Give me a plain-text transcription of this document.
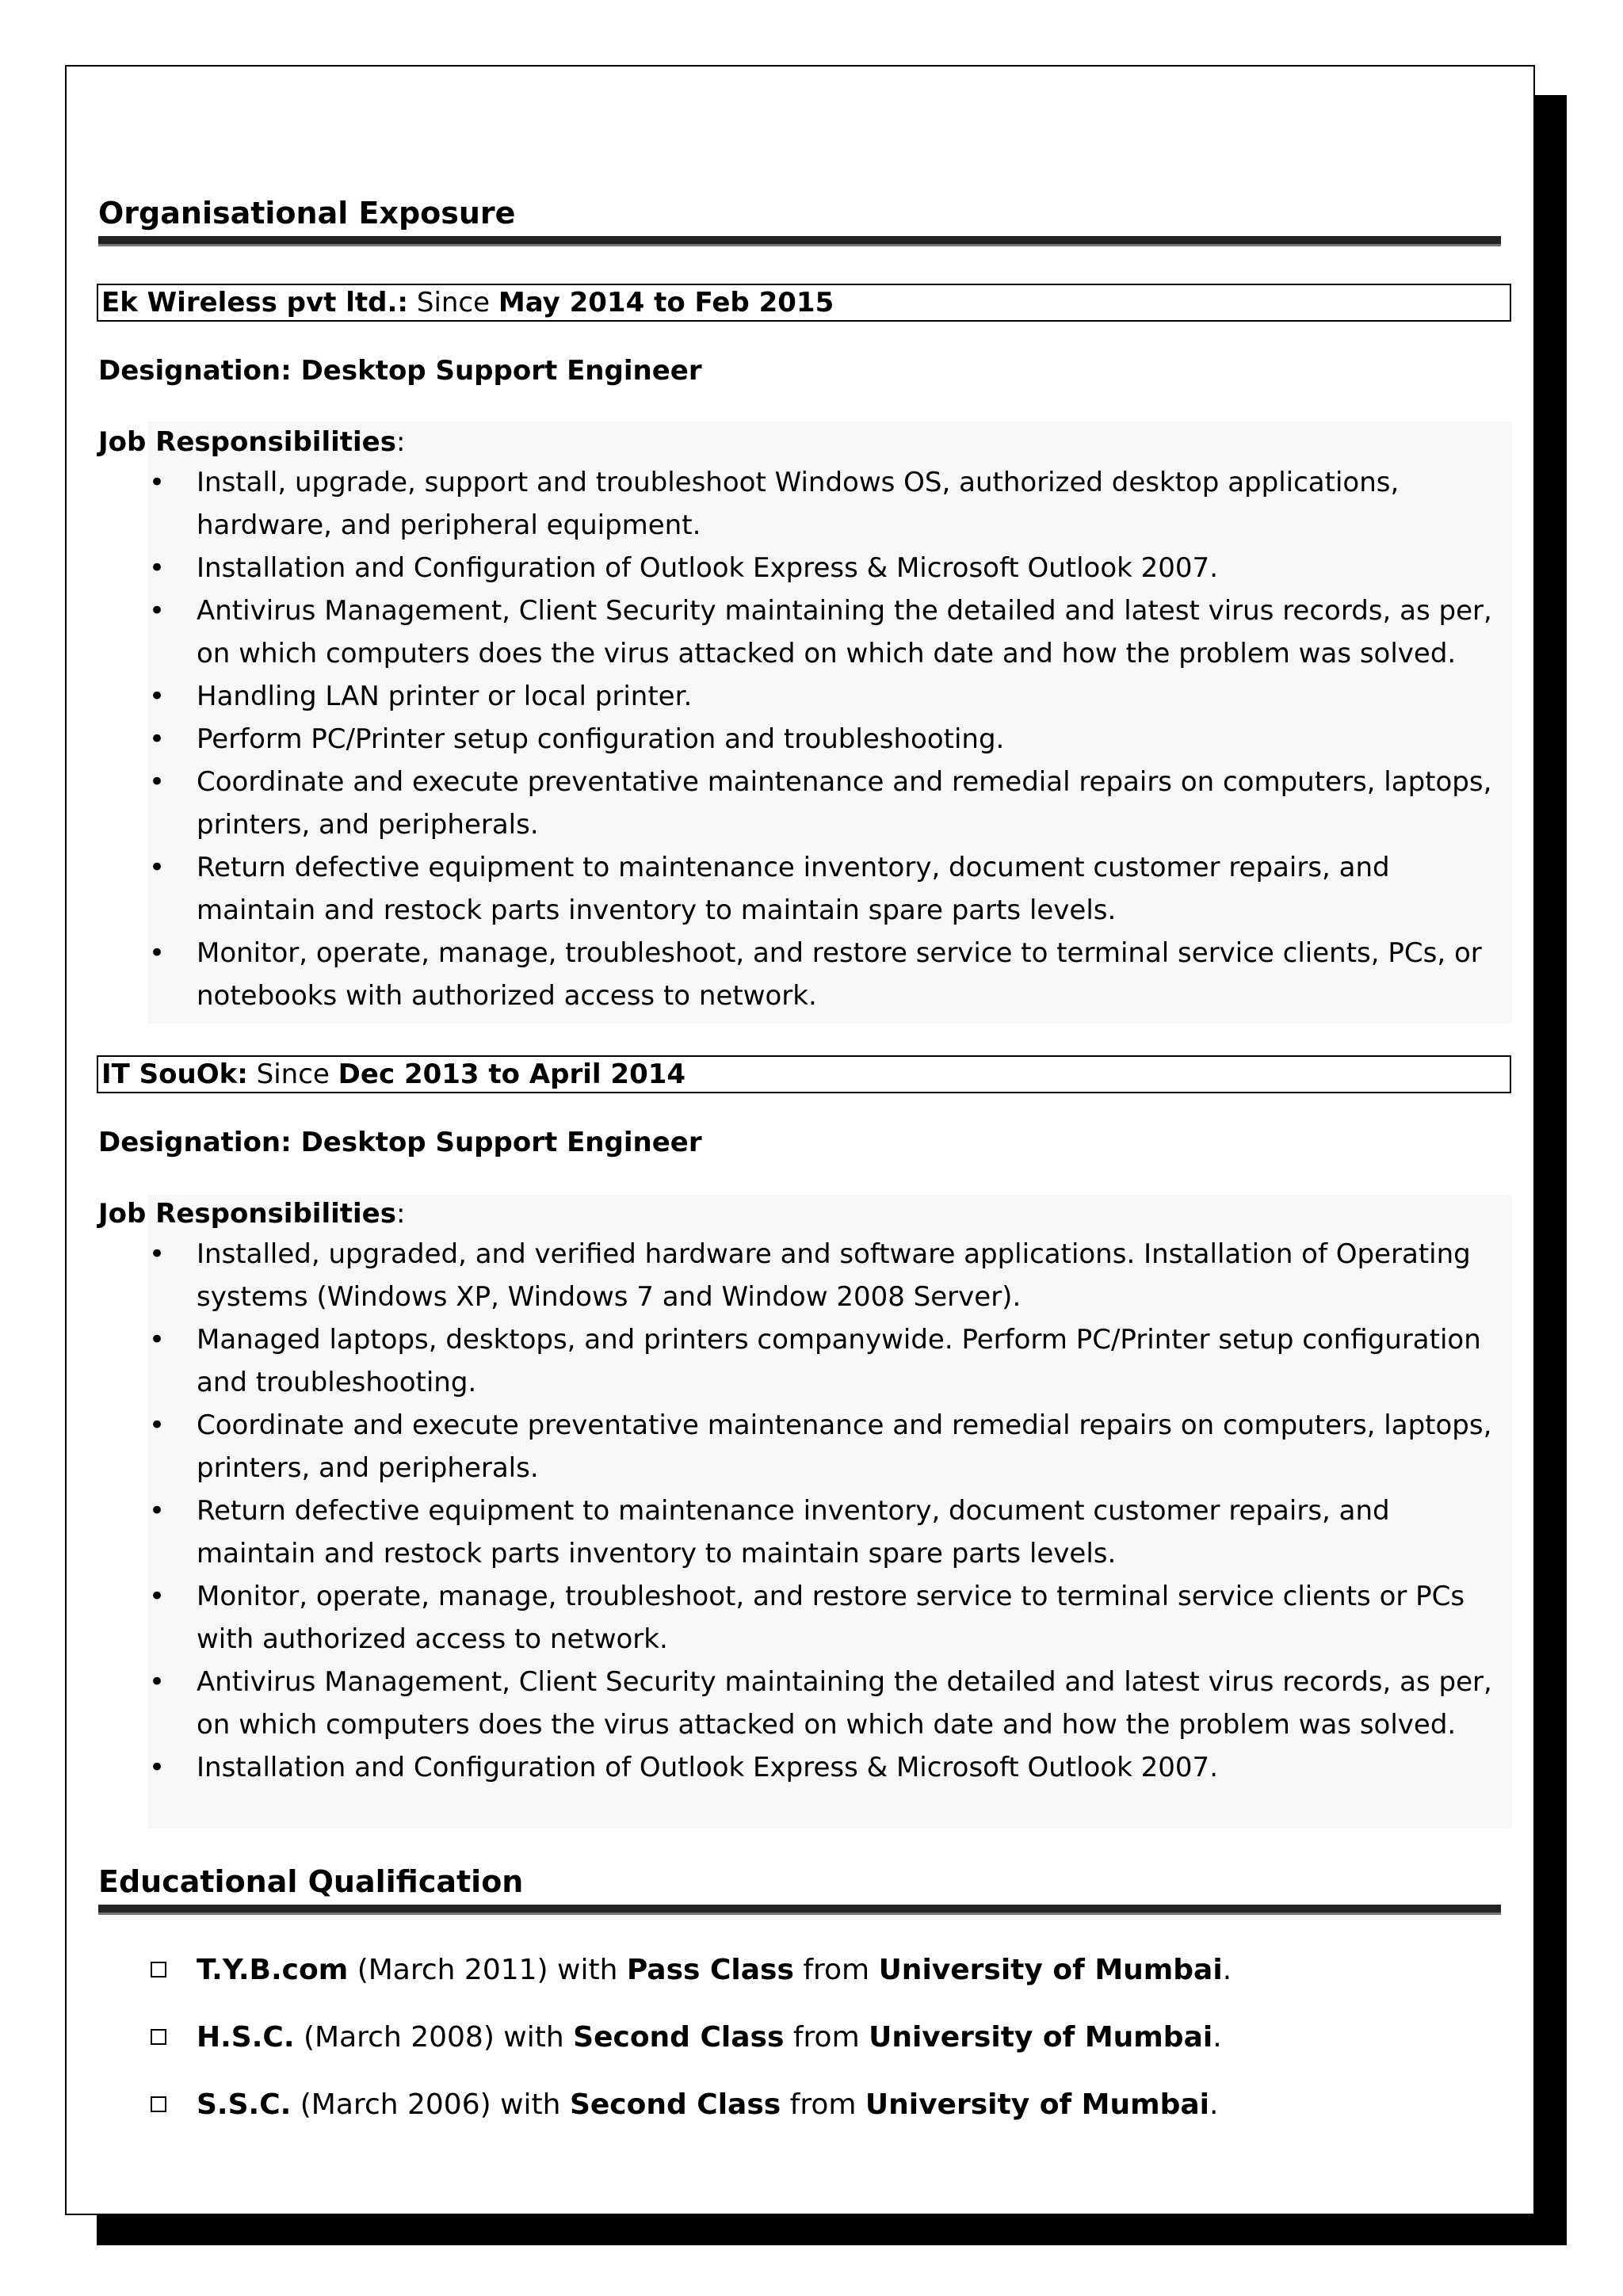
Organisational Exposure
Ek Wireless pvt ltd.: Since May 2014 to Feb 2015
Designation: Desktop Support Engineer
Job Responsibilities:
• Install, upgrade, support and troubleshoot Windows OS, authorized desktop applications, hardware, and peripheral equipment.
• Installation and Configuration of Outlook Express & Microsoft Outlook 2007.
• Antivirus Management, Client Security maintaining the detailed and latest virus records, as per, on which computers does the virus attacked on which date and how the problem was solved.
• Handling LAN printer or local printer.
• Perform PC/Printer setup configuration and troubleshooting.
• Coordinate and execute preventative maintenance and remedial repairs on computers, laptops, printers, and peripherals.
• Return defective equipment to maintenance inventory, document customer repairs, and maintain and restock parts inventory to maintain spare parts levels.
• Monitor, operate, manage, troubleshoot, and restore service to terminal service clients, PCs, or notebooks with authorized access to network.
IT SouOk: Since Dec 2013 to April 2014
Designation: Desktop Support Engineer
Job Responsibilities:
• Installed, upgraded, and verified hardware and software applications. Installation of Operating systems (Windows XP, Windows 7 and Window 2008 Server).
• Managed laptops, desktops, and printers companywide. Perform PC/Printer setup configuration and troubleshooting.
• Coordinate and execute preventative maintenance and remedial repairs on computers, laptops, printers, and peripherals.
• Return defective equipment to maintenance inventory, document customer repairs, and maintain and restock parts inventory to maintain spare parts levels.
• Monitor, operate, manage, troubleshoot, and restore service to terminal service clients or PCs with authorized access to network.
• Antivirus Management, Client Security maintaining the detailed and latest virus records, as per, on which computers does the virus attacked on which date and how the problem was solved.
• Installation and Configuration of Outlook Express & Microsoft Outlook 2007.
Educational Qualification
T.Y.B.com (March 2011) with Pass Class from University of Mumbai.
H.S.C. (March 2008) with Second Class from University of Mumbai.
S.S.C. (March 2006) with Second Class from University of Mumbai.
